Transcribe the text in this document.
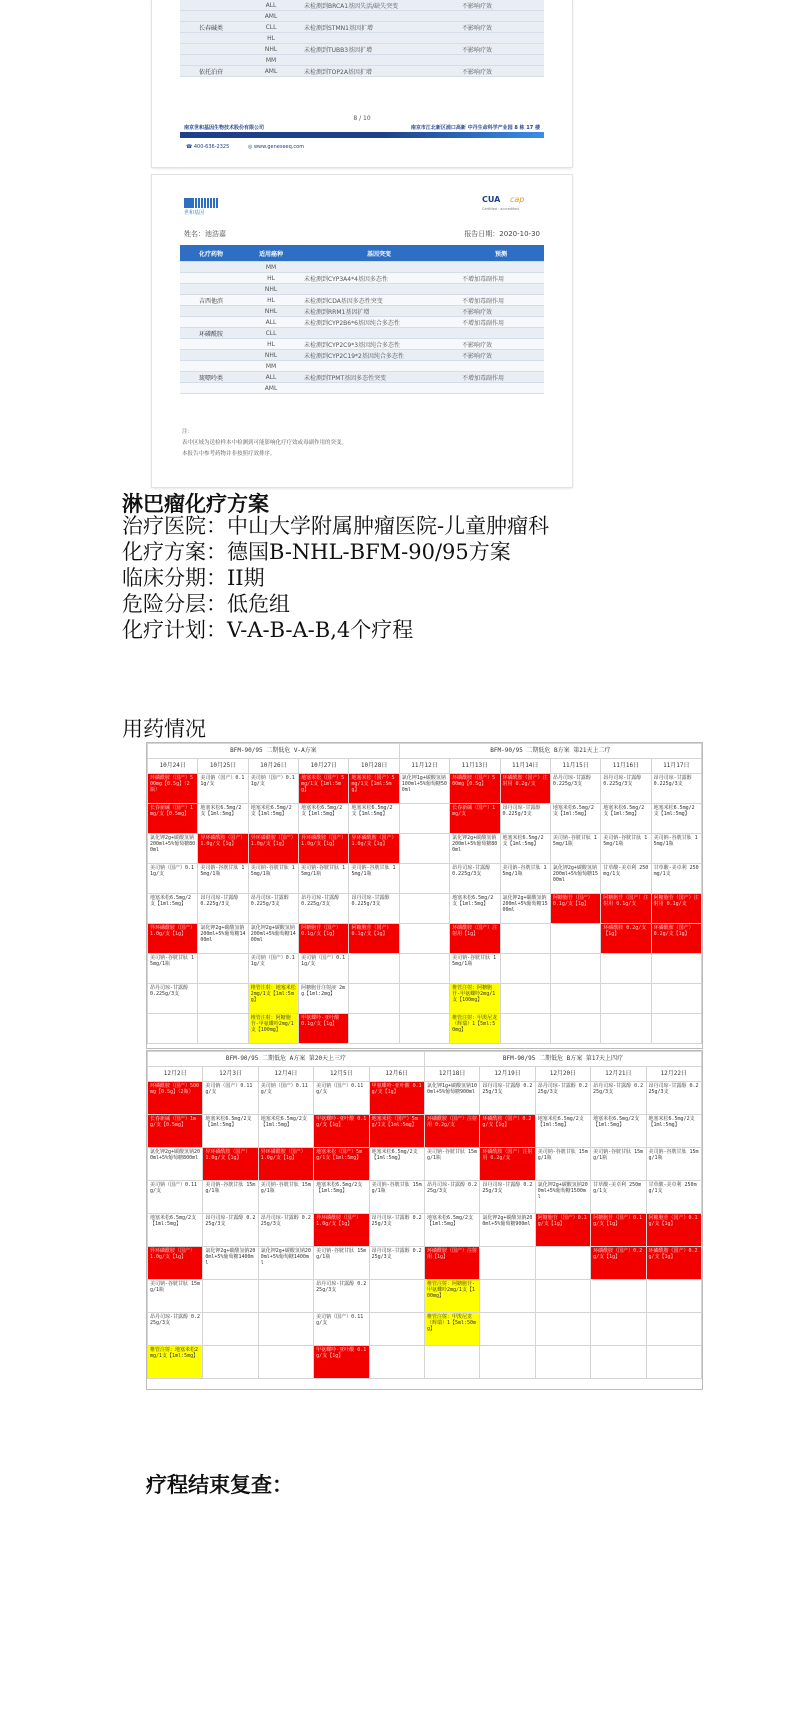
	ALL	未检测到BRCA1基因失活/缺失突变	不影响疗效
	AML		
长春碱类	CLL	未检测到STMN1基因扩增	不影响疗效
	HL		
	NHL	未检测到TUBB3基因扩增	不影响疗效
	MM		
依托泊苷	AML	未检测到TOP2A基因扩增	不影响疗效
8 / 10
南京世和基因生物技术股份有限公司	南京市江北新区浦口高新 中丹生命科学产业园 8 栋 17 楼
☎ 400-636-2325	◎ www.geneseeq.com
世和基因
CUA cap
Certified · accredited
姓名：池浩嘉	报告日期：2020-10-30
化疗药物	适用癌种	基因突变	预测
	MM		
	HL	未检测到CYP3A4*4基因多态性	不增加毒副作用
	NHL		
吉西他滨	HL	未检测到CDA基因多态性突变	不增加毒副作用
	NHL	未检测到RRM1基因扩增	不影响疗效
	ALL	未检测到CYP2B6*6基因纯合多态性	不增加毒副作用
环磷酰胺	CLL		
	HL	未检测到CYP2C9*3基因纯合多态性	不影响疗效
	NHL	未检测到CYP2C19*2基因纯合多态性	不影响疗效
	MM		
巯嘌呤类	ALL	未检测到TPMT基因多态性突变	不增加毒副作用
	AML		
注：
表中区域为送检样本中检测到可能影响化疗疗效或毒副作用的突变。
本报告中参考药物并非按照疗效排序。
淋巴瘤化疗方案
治疗医院：中山大学附属肿瘤医院-儿童肿瘤科
化疗方案：德国B-NHL-BFM-90/95方案
临床分期：II期
危险分层：低危组
化疗计划：V-A-B-A-B,4个疗程
用药情况
BFM-90/95 二期低危 V-A方案					BFM-90/95 二期低危 B方案 第21天上二疗					
10月24日	10月25日	10月26日	10月27日	10月28日	11月12日	11月13日	11月14日	11月15日	11月16日	11月17日
环磷酰胺（国产）500mg【0.5g】（2瓶）	美司钠（国产）0.11g/支	美司钠（国产）0.11g/支	地塞米松（国产）5mg/1支【1ml:5mg】	地塞米松（国产）5mg/1支【1ml:5mg】	氯化钾1g+碳酸氢钠100ml+5%葡萄糖500ml	环磷酰胺（国产）500mg【0.5g】	环磷酰胺（国产）注射用 0.2g/支	昂丹司琼-甘露醇 0.225g/3支	昂丹司琼-甘露醇 0.225g/3支	昂丹司琼-甘露醇 0.225g/3支
长春新碱（国产）1mg/支【0.5mg】	地塞米松6.5mg/2支【1ml:5mg】	地塞米松6.5mg/2支【1ml:5mg】	地塞米松6.5mg/2支【1ml:5mg】	地塞米松6.5mg/2支【1ml:5mg】		长春新碱（国产）1mg/支	昂丹司琼-甘露醇 0.225g/3支	地塞米松6.5mg/2支【1ml:5mg】	地塞米松6.5mg/2支【1ml:5mg】	地塞米松6.5mg/2支【1ml:5mg】
氯化钾2g+碳酸氢钠200ml+5%葡萄糖800ml	异环磷酰胺（国产）1.0g/支【1g】	异环磷酰胺（国产）1.0g/支【1g】	异环磷酰胺（国产）1.0g/支【1g】	异环磷酰胺（国产）1.0g/支【1g】		氯化钾2g+碳酸氢钠200ml+5%葡萄糖800ml	地塞米松6.5mg/2支【1ml:5mg】	美司钠-谷胱甘肽 15mg/1瓶	美司钠-谷胱甘肽 15mg/1瓶	美司钠-谷胱甘肽 15mg/1瓶
美司钠（国产）0.11g/支	美司钠-谷胱甘肽 15mg/1瓶	美司钠-谷胱甘肽 15mg/1瓶	美司钠-谷胱甘肽 15mg/1瓶	美司钠-谷胱甘肽 15mg/1瓶		昂丹司琼-甘露醇 0.225g/3支	美司钠-谷胱甘肽 15mg/1瓶	氯化钾2g+碳酸氢钠200ml+5%葡萄糖1500ml	甘草酸-美卓利 250mg/1支	甘草酸-美卓利 250mg/1支
地塞米松6.5mg/2支【1ml:5mg】	昂丹司琼-甘露醇 0.225g/3支	昂丹司琼-甘露醇 0.225g/3支	昂丹司琼-甘露醇 0.225g/3支	昂丹司琼-甘露醇 0.225g/3支		地塞米松6.5mg/2支【1ml:5mg】	氯化钾2g+碳酸氢钠200ml+5%葡萄糖1500ml	阿糖胞苷（国产）0.1g/支【1g】	阿糖胞苷（国产）注射用 0.1g/支	阿糖胞苷（国产）注射用 0.1g/支
异环磷酰胺（国产）1.0g/支【1g】	氯化钾2g+碳酸氢钠200ml+5%葡萄糖1400ml	氯化钾2g+碳酸氢钠200ml+5%葡萄糖1400ml	阿糖胞苷（国产）0.1g/支【1g】	阿糖胞苷（国产）0.1g/支【1g】		环磷酰胺（国产）注射用【1g】			环磷酰胺 0.2g/支【1g】	环磷酰胺（国产）0.2g/支【1g】
美司钠-谷胱甘肽 15mg/1瓶		美司钠（国产）0.11g/支	美司钠（国产）0.11g/支			美司钠-谷胱甘肽 15mg/1瓶				
昂丹司琼-甘露醇 0.225g/3支		椎管注射：地塞米松2mg/1支【1ml:5mg】	阿糖胞苷注射液 2mg【1ml:2mg】			椎管注射：阿糖胞苷-甲氨蝶呤2mg/1支【100mg】				
		椎管注射：阿糖胞苷-甲氨蝶呤2mg/1支【100mg】	甲氨蝶呤-亚叶酸 0.1g/支【1g】			椎管注射：甲泼尼龙（辉瑞）1【5ml:50mg】				
BFM-90/95 二期低危 A方案 第20天上三疗					BFM-90/95 二期低危 B方案 第17天上四疗				
12月2日	12月3日	12月4日	12月5日	12月6日	12月18日	12月19日	12月20日	12月21日	12月22日
环磷酰胺（国产）500mg【0.5g】（2瓶）	美司钠（国产）0.11g/支	美司钠（国产）0.11g/支	美司钠（国产）0.11g/支	甲氨蝶呤-亚叶酸 0.1g/支【1g】	氯化钾1g+碳酸氢钠100ml+5%葡萄糖900ml	昂丹司琼-甘露醇 0.225g/3支	昂丹司琼-甘露醇 0.225g/3支	昂丹司琼-甘露醇 0.225g/3支	昂丹司琼-甘露醇 0.225g/3支
长春新碱（国产）1mg/支【0.5mg】	地塞米松6.5mg/2支【1ml:5mg】	地塞米松6.5mg/2支【1ml:5mg】	甲氨蝶呤-亚叶酸 0.1g/支【1g】	地塞米松（国产）5mg/1支【1ml:5mg】	环磷酰胺（国产）注射用 0.2g/支	环磷酰胺（国产）0.2g/支【1g】	地塞米松6.5mg/2支【1ml:5mg】	地塞米松6.5mg/2支【1ml:5mg】	地塞米松6.5mg/2支【1ml:5mg】
氯化钾2g+碳酸氢钠200ml+5%葡萄糖800ml	异环磷酰胺（国产）1.0g/支【1g】	异环磷酰胺（国产）1.0g/支【1g】	地塞米松（国产）5mg/1支【1ml:5mg】	地塞米松6.5mg/2支【1ml:5mg】	美司钠-谷胱甘肽 15mg/1瓶	环磷酰胺（国产）注射用 0.2g/支	美司钠-谷胱甘肽 15mg/1瓶	美司钠-谷胱甘肽 15mg/1瓶	美司钠-谷胱甘肽 15mg/1瓶
美司钠（国产）0.11g/支	美司钠-谷胱甘肽 15mg/1瓶	美司钠-谷胱甘肽 15mg/1瓶	地塞米松6.5mg/2支【1ml:5mg】	美司钠-谷胱甘肽 15mg/1瓶	昂丹司琼-甘露醇 0.225g/3支	昂丹司琼-甘露醇 0.225g/3支	氯化钾2g+碳酸氢钠200ml+5%葡萄糖1500ml	甘草酸-美卓利 250mg/1支	甘草酸-美卓利 250mg/1支
地塞米松6.5mg/2支【1ml:5mg】	昂丹司琼-甘露醇 0.225g/3支	昂丹司琼-甘露醇 0.225g/3支	异环磷酰胺（国产）1.0g/支【1g】	昂丹司琼-甘露醇 0.225g/3支	地塞米松6.5mg/2支【1ml:5mg】	氯化钾2g+碳酸氢钠200ml+5%葡萄糖900ml	阿糖胞苷（国产）0.1g/支【1g】	阿糖胞苷（国产）0.1g/支【1g】	阿糖胞苷（国产）0.1g/支【1g】
异环磷酰胺（国产）1.0g/支【1g】	氯化钾2g+碳酸氢钠200ml+5%葡萄糖1400ml	氯化钾2g+碳酸氢钠200ml+5%葡萄糖1400ml	美司钠-谷胱甘肽 15mg/1瓶	昂丹司琼-甘露醇 0.225g/3支	环磷酰胺（国产）注射用【1g】			环磷酰胺（国产）0.2g/支【1g】	环磷酰胺（国产）0.2g/支【1g】
美司钠-谷胱甘肽 15mg/1瓶			昂丹司琼-甘露醇 0.225g/3支		椎管注射：阿糖胞苷-甲氨蝶呤2mg/1支【100mg】				
昂丹司琼-甘露醇 0.225g/3支			美司钠（国产）0.11g/支		椎管注射：甲泼尼龙（辉瑞）1【5ml:50mg】				
椎管注射：地塞米松2mg/1支【1ml:5mg】			甲氨蝶呤-亚叶酸 0.1g/支【1g】						
疗程结束复查：
